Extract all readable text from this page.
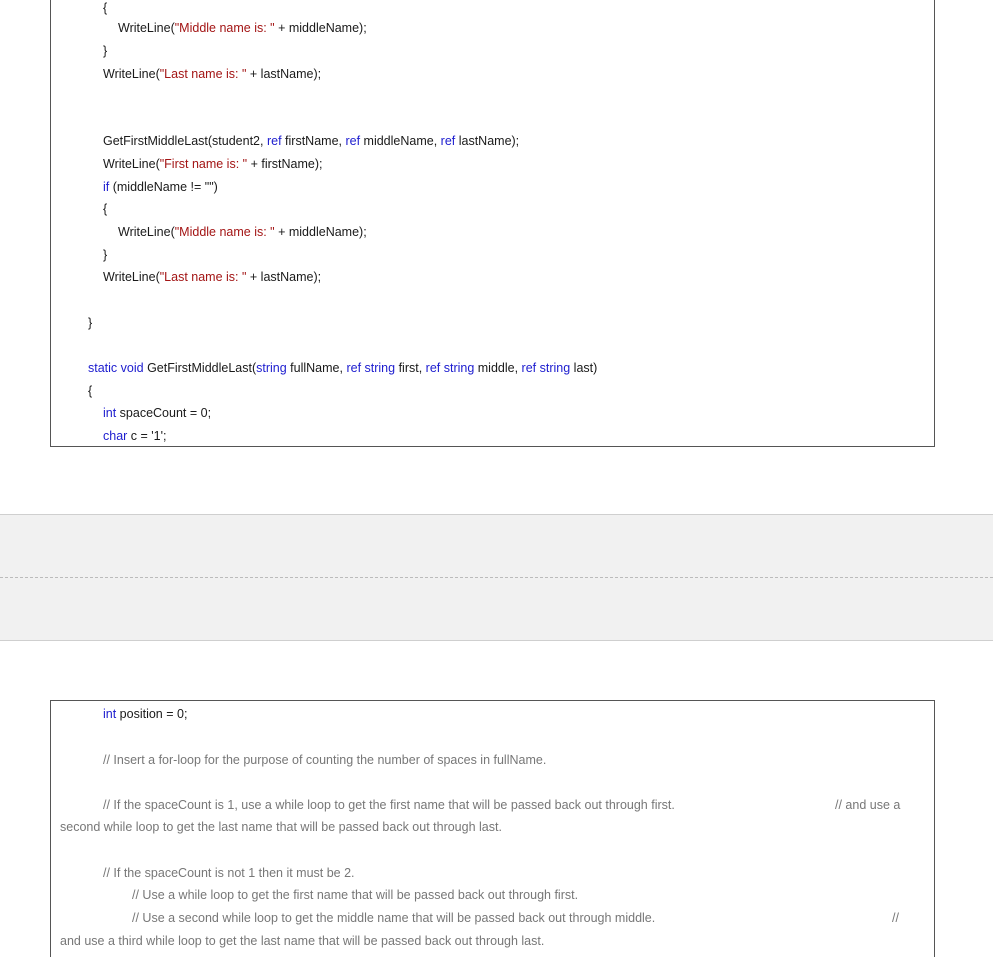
{
WriteLine("Middle name is: " + middleName);
}
WriteLine("Last name is: " + lastName);
GetFirstMiddleLast(student2, ref firstName, ref middleName, ref lastName);
WriteLine("First name is: " + firstName);
if (middleName != "")
{
WriteLine("Middle name is: " + middleName);
}
WriteLine("Last name is: " + lastName);
}
static void GetFirstMiddleLast(string fullName, ref string first, ref string middle, ref string last)
{
int spaceCount = 0;
char c = '1';
int position = 0;
// Insert a for-loop for the purpose of counting the number of spaces in fullName.
// If the spaceCount is 1, use a while loop to get the first name that will be passed back out through first.	// and use a
second while loop to get the last name that will be passed back out through last.
// If the spaceCount is not 1 then it must be 2.
// Use a while loop to get the first name that will be passed back out through first.
// Use a second while loop to get the middle name that will be passed back out through middle.	//
and use a third while loop to get the last name that will be passed back out through last.
